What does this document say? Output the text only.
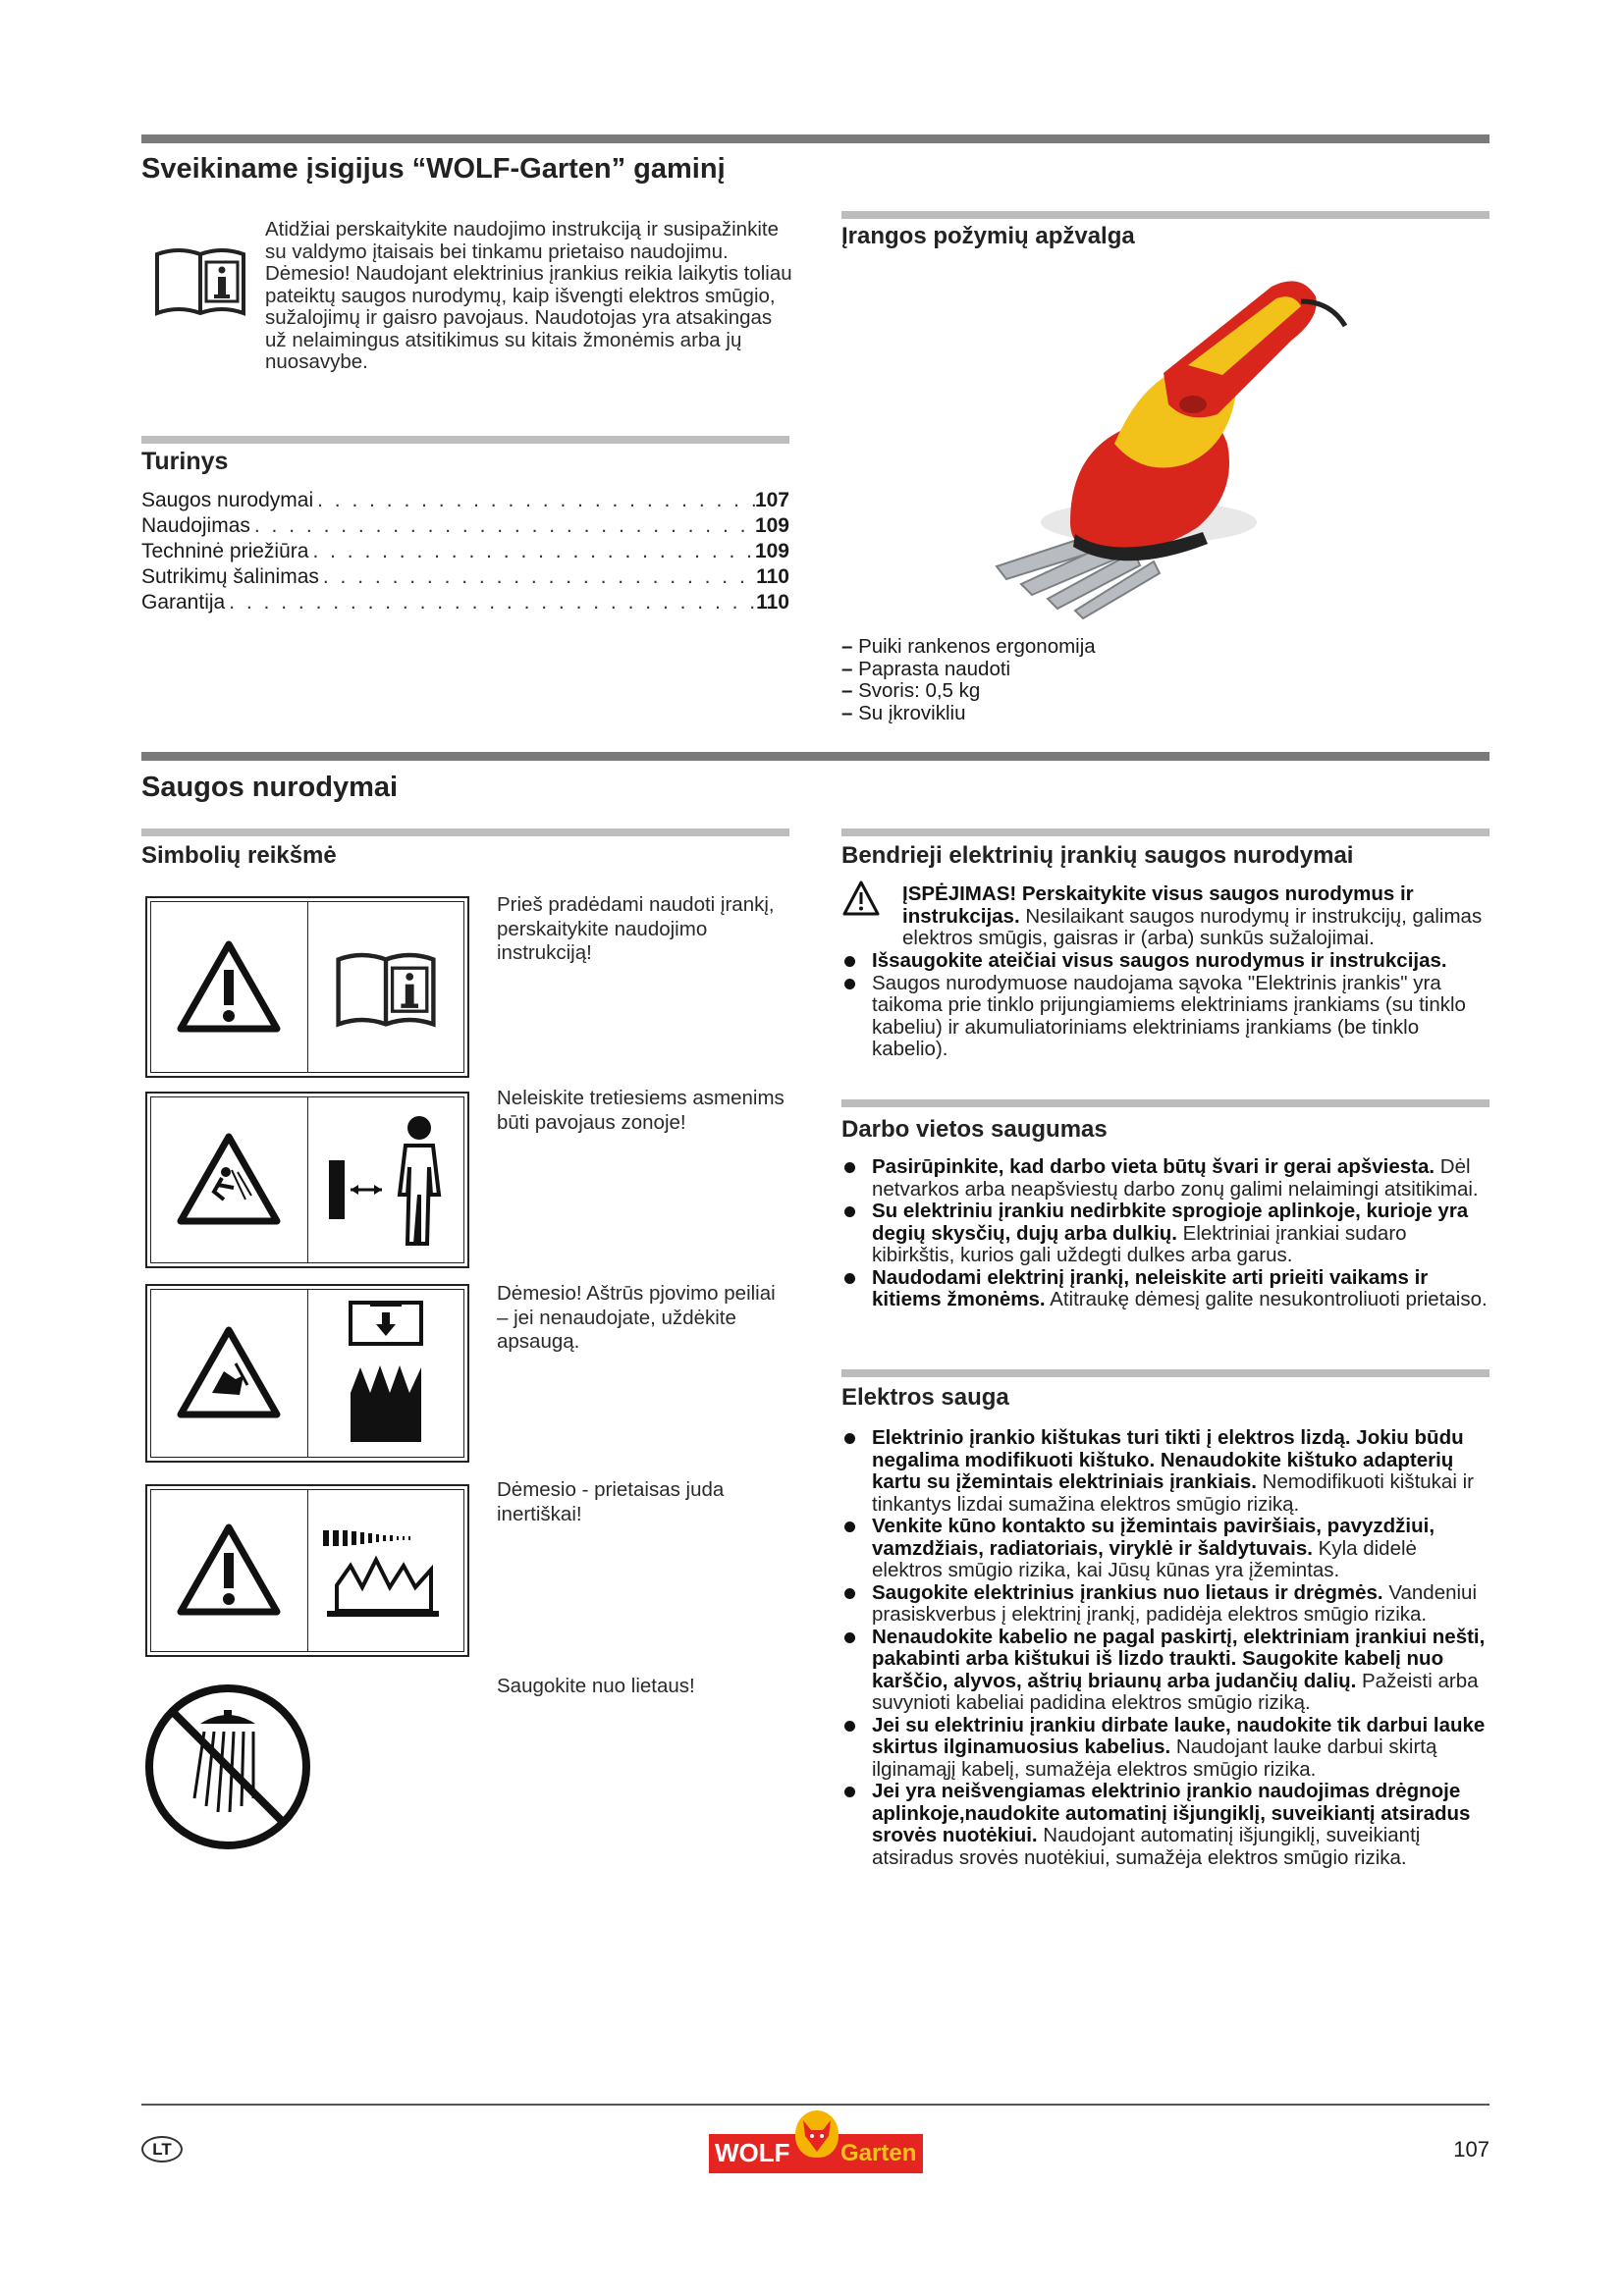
Sveikiname įsigijus “WOLF-Garten” gaminį
Atidžiai perskaitykite naudojimo instrukciją ir susipažinkite su valdymo įtaisais bei tinkamu prietaiso naudojimu. Dėmesio! Naudojant elektrinius įrankius reikia laikytis toliau pateiktų saugos nurodymų, kaip išvengti elektros smūgio, sužalojimų ir gaisro pavojaus. Naudotojas yra atsakingas už nelaimingus atsitikimus su kitais žmonėmis arba jų nuosavybe.
Turinys
Saugos nurodymai . . .	107
Naudojimas . . .	109
Techninė priežiūra . . .	109
Sutrikimų šalinimas . . .	110
Garantija . . .	110
Įrangos požymių apžvalga
– Puiki rankenos ergonomija
– Paprasta naudoti
– Svoris: 0,5 kg
– Su įkrovikliu
Saugos nurodymai
Simbolių reikšmė
Prieš pradėdami naudoti įrankį, perskaitykite naudojimo instrukciją!
Neleiskite tretiesiems asmenims būti pavojaus zonoje!
Dėmesio! Aštrūs pjovimo peiliai – jei nenaudojate, uždėkite apsaugą.
Dėmesio - prietaisas juda inertiškai!
Saugokite nuo lietaus!
Bendrieji elektrinių įrankių saugos nurodymai
ĮSPĖJIMAS! Perskaitykite visus saugos nurodymus ir instrukcijas. Nesilaikant saugos nurodymų ir instrukcijų, galimas elektros smūgis, gaisras ir (arba) sunkūs sužalojimai.
Išsaugokite ateičiai visus saugos nurodymus ir instrukcijas.
Saugos nurodymuose naudojama sąvoka "Elektrinis įrankis" yra taikoma prie tinklo prijungiamiems elektriniams įrankiams (su tinklo kabeliu) ir akumuliatoriniams elektriniams įrankiams (be tinklo kabelio).
Darbo vietos saugumas
Pasirūpinkite, kad darbo vieta būtų švari ir gerai apšviesta. Dėl netvarkos arba neapšviestų darbo zonų galimi nelaimingi atsitikimai.
Su elektriniu įrankiu nedirbkite sprogioje aplinkoje, kurioje yra degių skysčių, dujų arba dulkių. Elektriniai įrankiai sudaro kibirkštis, kurios gali uždegti dulkes arba garus.
Naudodami elektrinį įrankį, neleiskite arti prieiti vaikams ir kitiems žmonėms. Atitraukę dėmesį galite nesukontroliuoti prietaiso.
Elektros sauga
Elektrinio įrankio kištukas turi tikti į elektros lizdą. Jokiu būdu negalima modifikuoti kištuko. Nenaudokite kištuko adapterių kartu su įžemintais elektriniais įrankiais. Nemodifikuoti kištukai ir tinkantys lizdai sumažina elektros smūgio riziką.
Venkite kūno kontakto su įžemintais paviršiais, pavyzdžiui, vamzdžiais, radiatoriais, viryklė ir šaldytuvais. Kyla didelė elektros smūgio rizika, kai Jūsų kūnas yra įžemintas.
Saugokite elektrinius įrankius nuo lietaus ir drėgmės. Vandeniui prasiskverbus į elektrinį įrankį, padidėja elektros smūgio rizika.
Nenaudokite kabelio ne pagal paskirtį, elektriniam įrankiui nešti, pakabinti arba kištukui iš lizdo traukti. Saugokite kabelį nuo karščio, alyvos, aštrių briaunų arba judančių dalių. Pažeisti arba suvynioti kabeliai padidina elektros smūgio riziką.
Jei su elektriniu įrankiu dirbate lauke, naudokite tik darbui lauke skirtus ilginamuosius kabelius. Naudojant lauke darbui skirtą ilginamąjį kabelį, sumažėja elektros smūgio rizika.
Jei yra neišvengiamas elektrinio įrankio naudojimas drėgnoje aplinkoje,naudokite automatinį išjungiklį, suveikiantį atsiradus srovės nuotėkiui. Naudojant automatinį išjungiklį, suveikiantį atsiradus srovės nuotėkiui, sumažėja elektros smūgio rizika.
LT	WOLF Garten	107
